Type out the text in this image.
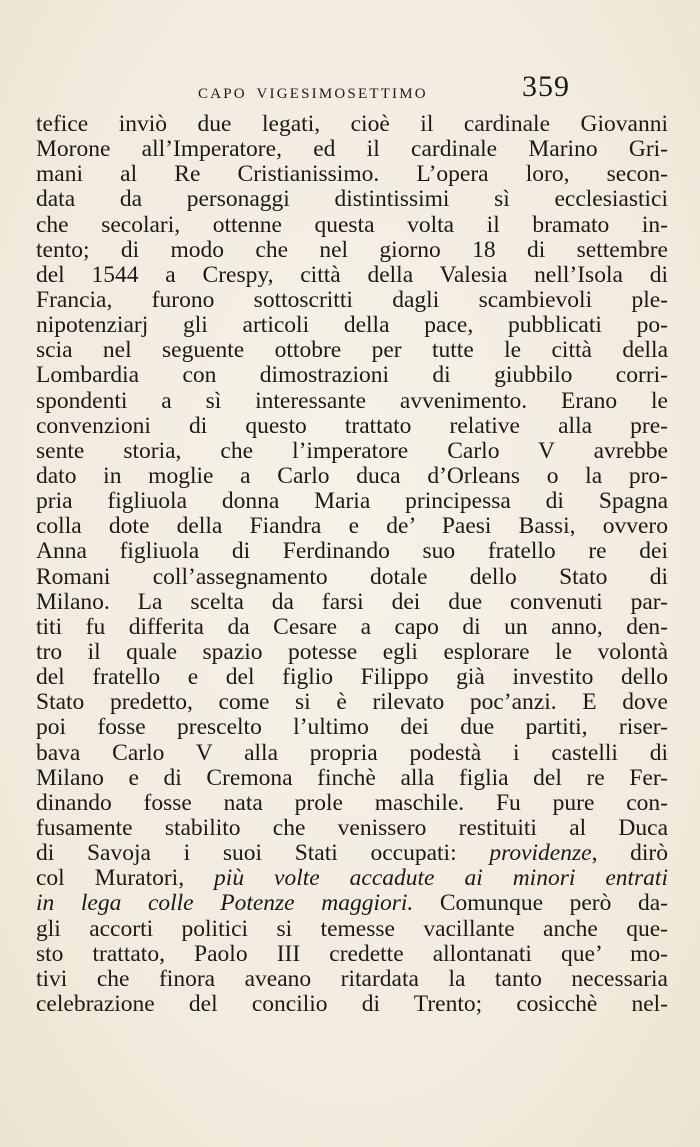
CAPO VIGESIMOSETTIMO	359
tefice inviò due legati, cioè il cardinale Giovanni
Morone all’Imperatore, ed il cardinale Marino Gri-
mani al Re Cristianissimo. L’opera loro, secon-
data da personaggi distintissimi sì ecclesiastici
che secolari, ottenne questa volta il bramato in-
tento; di modo che nel giorno 18 di settembre
del 1544 a Crespy, città della Valesia nell’Isola di
Francia, furono sottoscritti dagli scambievoli ple-
nipotenziarj gli articoli della pace, pubblicati po-
scia nel seguente ottobre per tutte le città della
Lombardia con dimostrazioni di giubbilo corri-
spondenti a sì interessante avvenimento. Erano le
convenzioni di questo trattato relative alla pre-
sente storia, che l’imperatore Carlo V avrebbe
dato in moglie a Carlo duca d’Orleans o la pro-
pria figliuola donna Maria principessa di Spagna
colla dote della Fiandra e de’ Paesi Bassi, ovvero
Anna figliuola di Ferdinando suo fratello re dei
Romani coll’assegnamento dotale dello Stato di
Milano. La scelta da farsi dei due convenuti par-
titi fu differita da Cesare a capo di un anno, den-
tro il quale spazio potesse egli esplorare le volontà
del fratello e del figlio Filippo già investito dello
Stato predetto, come si è rilevato poc’anzi. E dove
poi fosse prescelto l’ultimo dei due partiti, riser-
bava Carlo V alla propria podestà i castelli di
Milano e di Cremona finchè alla figlia del re Fer-
dinando fosse nata prole maschile. Fu pure con-
fusamente stabilito che venissero restituiti al Duca
di Savoja i suoi Stati occupati: providenze, dirò
col Muratori, più volte accadute ai minori entrati
in lega colle Potenze maggiori. Comunque però da-
gli accorti politici si temesse vacillante anche que-
sto trattato, Paolo III credette allontanati que’ mo-
tivi che finora aveano ritardata la tanto necessaria
celebrazione del concilio di Trento; cosicchè nel-
